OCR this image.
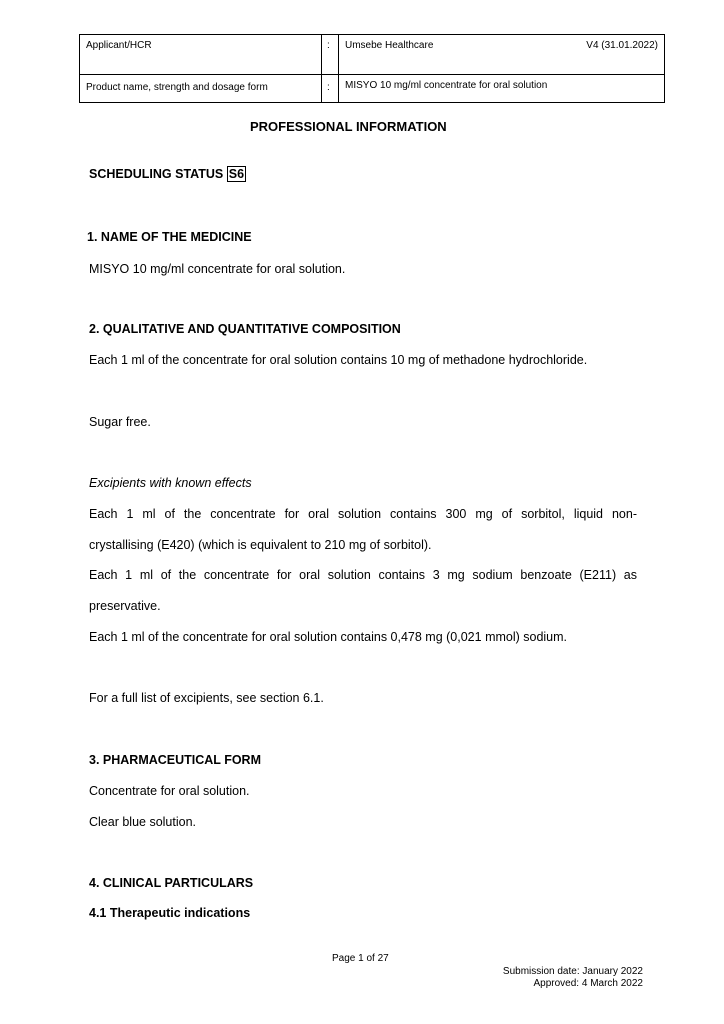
Applicant/HCR	: Umsebe Healthcare	V4 (31.01.2022)
Product name, strength and dosage form	: MISYO 10 mg/ml concentrate for oral solution
PROFESSIONAL INFORMATION
SCHEDULING STATUS S6
1. NAME OF THE MEDICINE
MISYO 10 mg/ml concentrate for oral solution.
2. QUALITATIVE AND QUANTITATIVE COMPOSITION
Each 1 ml of the concentrate for oral solution contains 10 mg of methadone hydrochloride.
Sugar free.
Excipients with known effects
Each 1 ml of the concentrate for oral solution contains 300 mg of sorbitol, liquid non-
crystallising (E420) (which is equivalent to 210 mg of sorbitol).
Each 1 ml of the concentrate for oral solution contains 3 mg sodium benzoate (E211) as
preservative.
Each 1 ml of the concentrate for oral solution contains 0,478 mg (0,021 mmol) sodium.
For a full list of excipients, see section 6.1.
3. PHARMACEUTICAL FORM
Concentrate for oral solution.
Clear blue solution.
4. CLINICAL PARTICULARS
4.1 Therapeutic indications
Page 1 of 27
Submission date: January 2022
Approved: 4 March 2022
